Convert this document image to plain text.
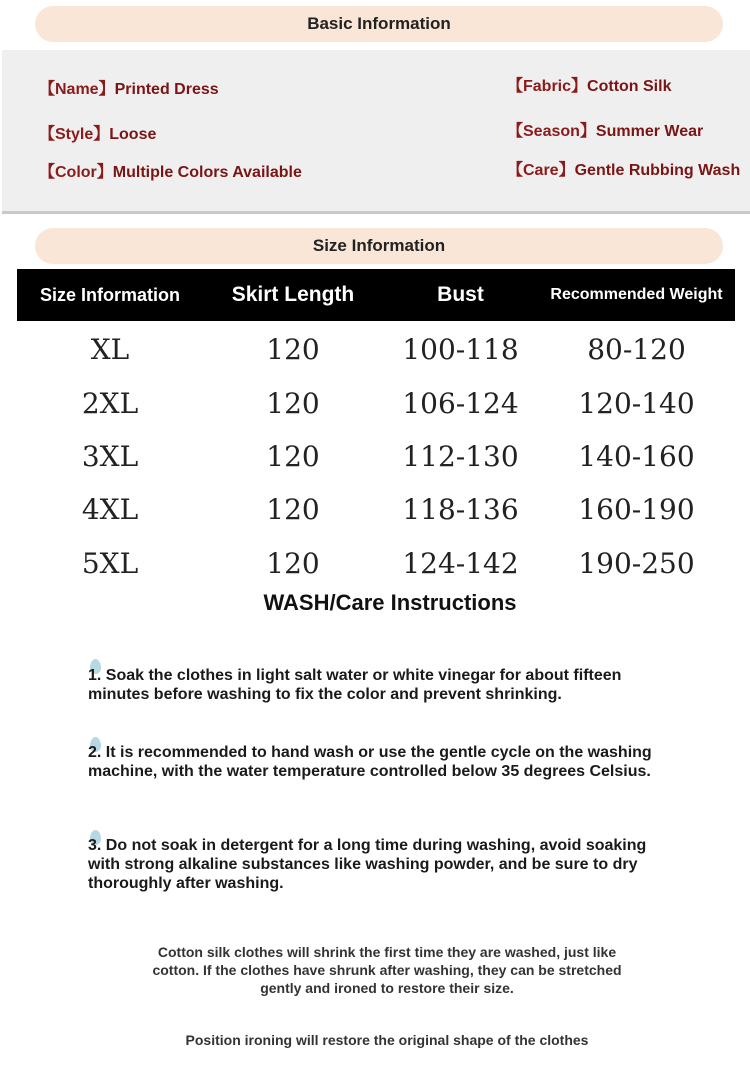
Basic Information
【Name】Printed Dress
【Style】Loose
【Color】Multiple Colors Available
【Fabric】Cotton Silk
【Season】Summer Wear
【Care】Gentle Rubbing Wash
Size Information
Size Information	Skirt Length	Bust	Recommended Weight
XL	120	100-118	80-120
2XL	120	106-124	120-140
3XL	120	112-130	140-160
4XL	120	118-136	160-190
5XL	120	124-142	190-250
WASH/Care Instructions
1. Soak the clothes in light salt water or white vinegar for about fifteen minutes before washing to fix the color and prevent shrinking.
2. It is recommended to hand wash or use the gentle cycle on the washing machine, with the water temperature controlled below 35 degrees Celsius.
3. Do not soak in detergent for a long time during washing, avoid soaking with strong alkaline substances like washing powder, and be sure to dry thoroughly after washing.
Cotton silk clothes will shrink the first time they are washed, just like cotton. If the clothes have shrunk after washing, they can be stretched gently and ironed to restore their size.
Position ironing will restore the original shape of the clothes
